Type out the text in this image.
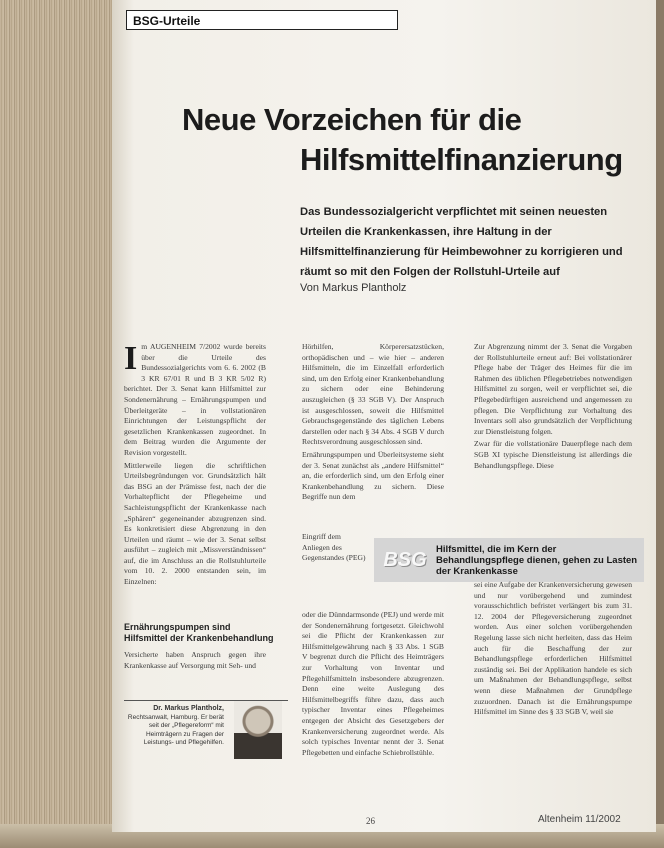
BSG-Urteile
Neue Vorzeichen für die
Hilfsmittelfinanzierung
Das Bundessozialgericht verpflichtet mit seinen neuesten Urteilen die Krankenkassen, ihre Haltung in der Hilfsmittelfinanzierung für Heimbewohner zu korrigieren und räumt so mit den Folgen der Rollstuhl-Urteile auf
Von Markus Plantholz

Im AUGENHEIM 7/2002 wurde bereits über die Urteile des Bundessozialgerichts vom 6. 6. 2002 (B 3 KR 67/01 R und B 3 KR 5/02 R) berichtet. Der 3. Senat kann Hilfsmittel zur Sondenernährung – Ernährungspumpen und Überleitgeräte – in vollstationären Einrichtungen der Leistungspflicht der gesetzlichen Krankenkassen zugeordnet. In dem Beitrag wurden die Argumente der Revision vorgestellt.

Mittlerweile liegen die schriftlichen Urteilsbegründungen vor. Grundsätzlich hält das BSG an der Prämisse fest, nach der die Vorhaltepflicht der Pflegeheime und Sachleistungspflicht der Krankenkasse nach „Sphären“ gegeneinander abzugrenzen sind. Es konkretisiert diese Abgrenzung in den Urteilen und räumt – wie der 3. Senat selbst ausführt – zugleich mit „Missverständnissen“ auf, die im Anschluss an die Rollstuhlurteile vom 10. 2. 2000 entstanden sein, im Einzelnen:

Ernährungspumpen sind Hilfsmittel der Krankenbehandlung
Versicherte haben Anspruch gegen ihre Krankenkasse auf Versorgung mit Seh- und
Dr. Markus Plantholz,
Rechtsanwalt, Hamburg. Er berät seit der „Pflegereform“ mit Heimträgern zu Fragen der Leistungs- und Pflegehilfen.

Hörhilfen, Körperersatzstücken, orthopädischen und – wie hier – anderen Hilfsmitteln, die im Einzelfall erforderlich sind, um den Erfolg einer Krankenbehandlung zu sichern oder eine Behinderung auszugleichen (§ 33 SGB V). Der Anspruch ist ausgeschlossen, soweit die Hilfsmittel Gebrauchsgegenstände des täglichen Lebens darstellen oder nach § 34 Abs. 4 SGB V durch Rechtsverordnung ausgeschlossen sind.

Ernährungspumpen und Überleitsysteme sieht der 3. Senat zunächst als „andere Hilfsmittel“ an, die erforderlich sind, um den Erfolg einer Krankenbehandlung zu sichern. Diese Begriffe nun dem

Eingriff dem Anliegen des Gegenstandes (PEG)
oder die Dünndarmsonde (PEJ) und werde mit der Sondenernährung fortgesetzt. Gleichwohl sei die Pflicht der Krankenkassen zur Hilfsmittelgewährung nach § 33 Abs. 1 SGB V begrenzt durch die Pflicht des Heimträgers zur Vorhaltung von Inventar und Pflegehilfsmitteln insbesondere abzugrenzen. Denn eine weite Auslegung des Hilfsmittelbegriffs führe dazu, dass auch typischer Inventar eines Pflegeheimes entgegen der Absicht des Gesetzgebers der Krankenversicherung zugeordnet werde. Als solch typisches Inventar nennt der 3. Senat Pflegebetten und einfache Schiebrollstühle.
BSG Hilfsmittel, die im Kern der Behandlungspflege dienen, gehen zu Lasten der Krankenkasse

Zur Abgrenzung nimmt der 3. Senat die Vorgaben der Rollstuhlurteile erneut auf: Bei vollstationärer Pflege habe der Träger des Heimes für die im Rahmen des üblichen Pflegebetriebes notwendigen Hilfsmittel zu sorgen, weil er verpflichtet sei, die Pflegebedürftigen ausreichend und angemessen zu pflegen. Die Verpflichtung zur Vorhaltung des Inventars soll also grundsätzlich der Verpflichtung zur Dienstleistung folgen.

Zwar für die vollstationäre Dauerpflege nach dem SGB XI typische Dienstleistung ist allerdings die Behandlungspflege. Diese

sei eine Aufgabe der Krankenversicherung gewesen und nur vorübergehend und zumindest vorausschichtlich befristet verlängert bis zum 31. 12. 2004 der Pflegeversicherung zugeordnet worden. Aus einer solchen vorübergehenden Regelung lasse sich nicht herleiten, dass das Heim auch für die Beschaffung der zur Behandlungspflege erforderlichen Hilfsmittel zuständig sei. Bei der Applikation handele es sich um Maßnahmen der Behandlungspflege, selbst wenn diese Maßnahmen der Grundpflege zuzuordnen. Danach ist die Ernährungspumpe Hilfsmittel im Sinne des § 33 SGB V, weil sie
26	Altenheim 11/2002
